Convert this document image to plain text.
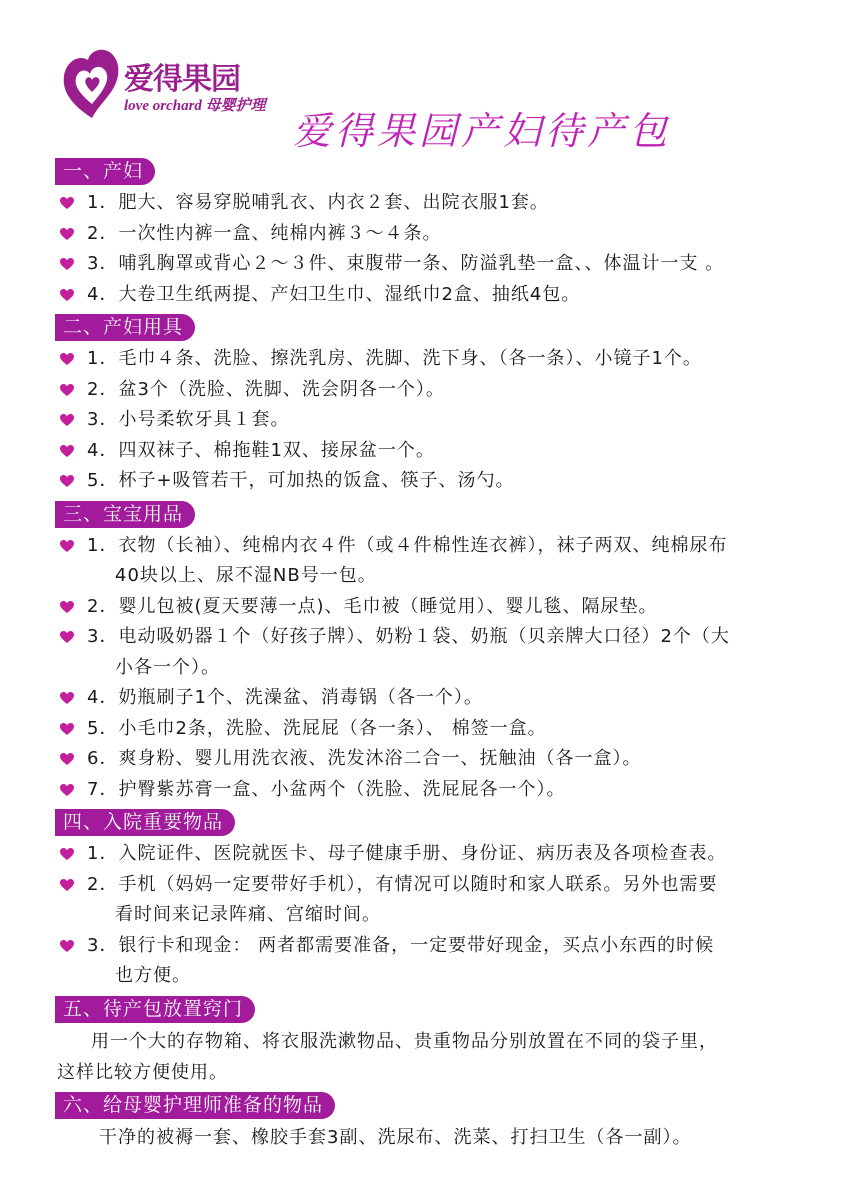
爱得果园
love orchard 母婴护理
爱得果园产妇待产包
一、产妇
1．肥大、容易穿脱哺乳衣、内衣２套、出院衣服1套。
2．一次性内裤一盒、纯棉内裤３～４条。
3．哺乳胸罩或背心２～３件、束腹带一条、防溢乳垫一盒、、体温计一支 。
4．大卷卫生纸两提、产妇卫生巾、湿纸巾2盒、抽纸4包。
二、产妇用具
1．毛巾４条、洗脸、擦洗乳房、洗脚、洗下身、（各一条）、小镜子1个。
2．盆3个（洗脸、洗脚、洗会阴各一个）。
3．小号柔软牙具１套。
4．四双袜子、棉拖鞋1双、接尿盆一个。
5．杯子+吸管若干，可加热的饭盒、筷子、汤勺。
三、宝宝用品
1．衣物（长袖）、纯棉内衣４件（或４件棉性连衣裤），袜子两双、纯棉尿布
40块以上、尿不湿NB号一包。
2．婴儿包被(夏天要薄一点)、毛巾被（睡觉用）、婴儿毯、隔尿垫。
3．电动吸奶器１个（好孩子牌）、奶粉１袋、奶瓶（贝亲牌大口径）2个（大
小各一个）。
4．奶瓶刷子1个、洗澡盆、消毒锅（各一个）。
5．小毛巾2条，洗脸、洗屁屁（各一条）、 棉签一盒。
6．爽身粉、婴儿用洗衣液、洗发沐浴二合一、抚触油（各一盒）。
7．护臀紫苏膏一盒、小盆两个（洗脸、洗屁屁各一个）。
四、入院重要物品
1．入院证件、医院就医卡、母子健康手册、身份证、病历表及各项检查表。
2．手机（妈妈一定要带好手机），有情况可以随时和家人联系。另外也需要
看时间来记录阵痛、宫缩时间。
3．银行卡和现金： 两者都需要准备，一定要带好现金，买点小东西的时候
也方便。
五、待产包放置窍门
用一个大的存物箱、将衣服洗漱物品、贵重物品分别放置在不同的袋子里，
这样比较方便使用。
六、给母婴护理师准备的物品
干净的被褥一套、橡胶手套3副、洗尿布、洗菜、打扫卫生（各一副）。
